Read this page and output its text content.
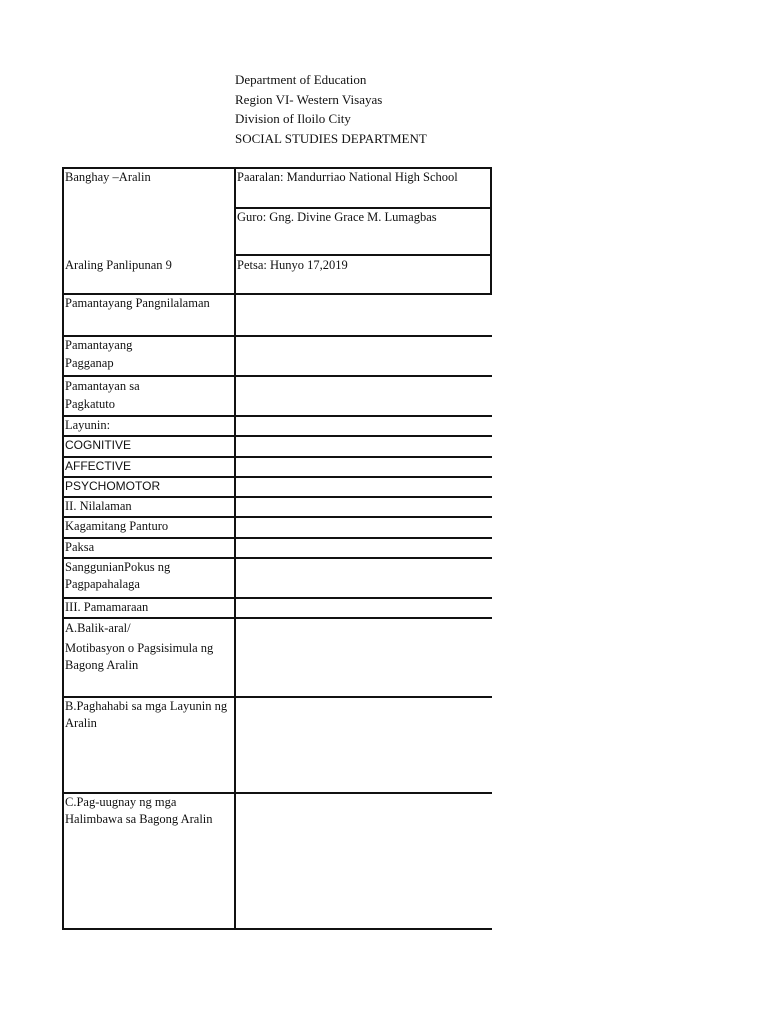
Department of Education
Region VI- Western Visayas
Division of Iloilo City
SOCIAL STUDIES DEPARTMENT
Banghay –Aralin
Araling Panlipunan 9
Paaralan: Mandurriao National High School
Guro: Gng. Divine Grace M. Lumagbas
Petsa: Hunyo 17,2019
Pamantayang Pangnilalaman
Pamantayang
Pagganap
Pamantayan sa
Pagkatuto
Layunin:
COGNITIVE
AFFECTIVE
PSYCHOMOTOR
II. Nilalaman
Kagamitang Panturo
Paksa
SanggunianPokus ng Pagpapahalaga
III. Pamamaraan
A.Balik-aral/
Motibasyon o Pagsisimula ng Bagong Aralin
B.Paghahabi sa mga Layunin ng Aralin
C.Pag-uugnay ng mga Halimbawa sa Bagong Aralin
